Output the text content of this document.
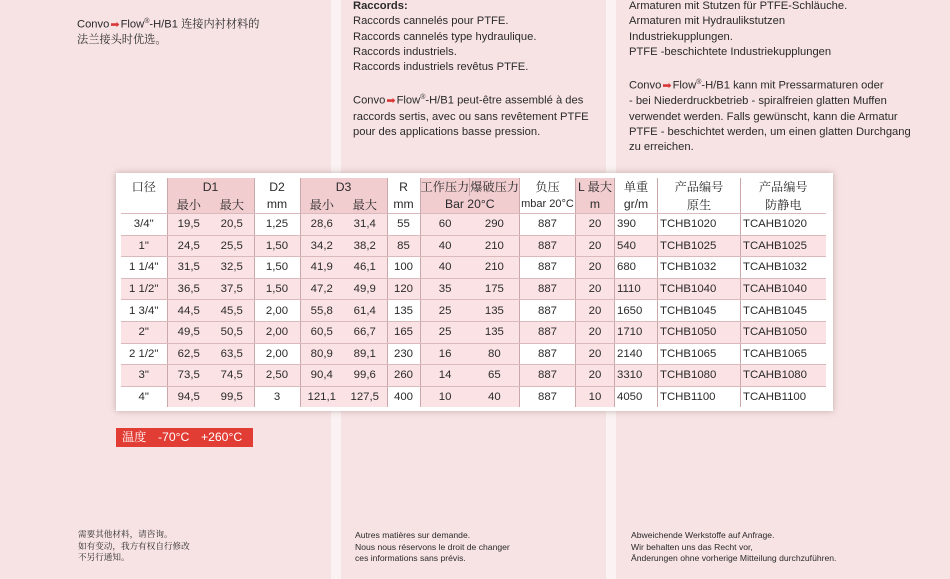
Convo➡Flow®-H/B1 连接内衬材料的
法兰接头时优选。
Raccords:
Raccords cannelés pour PTFE.
Raccords cannelés type hydraulique.
Raccords industriels.
Raccords industriels revêtus PTFE.
Convo➡Flow®-H/B1 peut-être assemblé à des
raccords sertis, avec ou sans revêtement PTFE
pour des applications basse pression.
Armaturen mit Stutzen für PTFE-Schläuche.
Armaturen mit Hydraulikstutzen
Industriekupplungen.
PTFE -beschichtete Industriekupplungen
Convo➡Flow®-H/B1 kann mit Pressarmaturen oder
- bei Niederdruckbetrieb - spiralfreien glatten Muffen
verwendet werden. Falls gewünscht, kann die Armatur
PTFE - beschichtet werden, um einen glatten Durchgang
zu erreichen.
口径	D1		D2	D3		R	工作压力	爆破压力	负压	L 最大	单重	产品编号	产品编号
	最小	最大	mm	最小	最大	mm	Bar 20°C		mbar 20°C	m	gr/m	原生	防静电
3/4"	19,5	20,5	1,25	28,6	31,4	55	60	290	887	20	390	TCHB1020	TCAHB1020
1"	24,5	25,5	1,50	34,2	38,2	85	40	210	887	20	540	TCHB1025	TCAHB1025
1 1/4"	31,5	32,5	1,50	41,9	46,1	100	40	210	887	20	680	TCHB1032	TCAHB1032
1 1/2"	36,5	37,5	1,50	47,2	49,9	120	35	175	887	20	1110	TCHB1040	TCAHB1040
1 3/4"	44,5	45,5	2,00	55,8	61,4	135	25	135	887	20	1650	TCHB1045	TCAHB1045
2"	49,5	50,5	2,00	60,5	66,7	165	25	135	887	20	1710	TCHB1050	TCAHB1050
2 1/2"	62,5	63,5	2,00	80,9	89,1	230	16	80	887	20	2140	TCHB1065	TCAHB1065
3"	73,5	74,5	2,50	90,4	99,6	260	14	65	887	20	3310	TCHB1080	TCAHB1080
4"	94,5	99,5	3	121,1	127,5	400	10	40	887	10	4050	TCHB1100	TCAHB1100
温度 -70°C +260°C
需要其他材料，请咨询。
如有变动，我方有权自行修改
不另行通知。
Autres matières sur demande.
Nous nous réservons le droit de changer
ces informations sans prévis.
Abweichende Werkstoffe auf Anfrage.
Wir behalten uns das Recht vor,
Änderungen ohne vorherige Mitteilung durchzuführen.
